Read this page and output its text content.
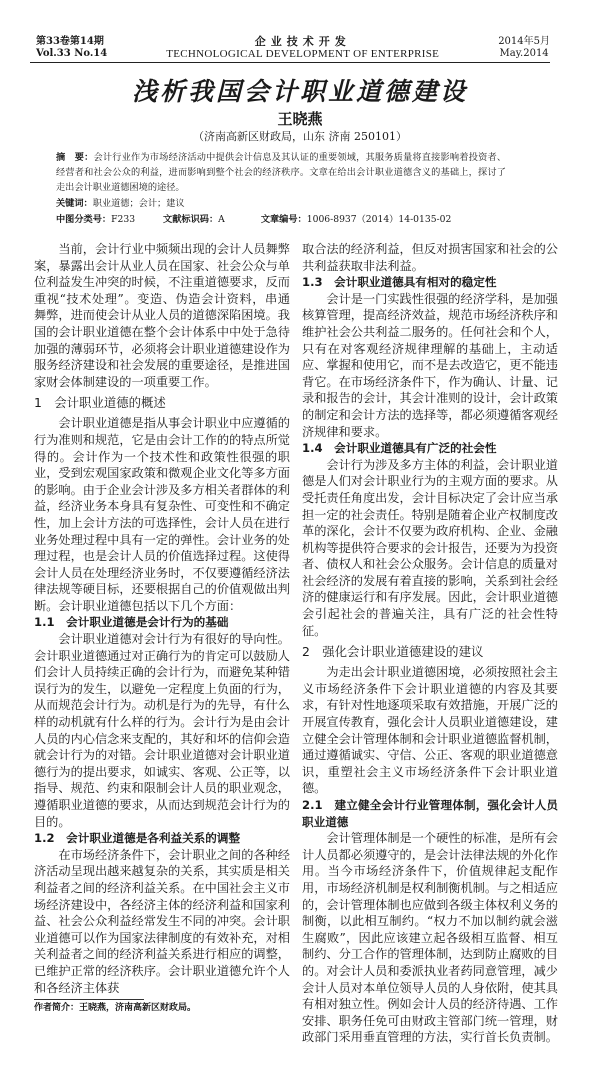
第33卷第14期
Vol.33 No.14
企业技术开发
TECHNOLOGICAL DEVELOPMENT OF ENTERPRISE
2014年5月
May.2014
浅析我国会计职业道德建设
王晓燕
（济南高新区财政局，山东 济南 250101）
摘　要：会计行业作为市场经济活动中提供会计信息及其认证的重要领域，其服务质量将直接影响着投资者、经营者和社会公众的利益，进而影响到整个社会的经济秩序。文章在给出会计职业道德含义的基础上，探讨了走出会计职业道德困境的途径。
关键词：职业道德；会计；建议
中图分类号：F233	文献标识码：A	文章编号：1006-8937（2014）14-0135-02

当前，会计行业中频频出现的会计人员舞弊案，暴露出会计从业人员在国家、社会公众与单位利益发生冲突的时候，不注重道德要求，反而重视“技术处理”。变造、伪造会计资料，串通舞弊，进而使会计从业人员的道德深陷困境。我国的会计职业道德在整个会计体系中中处于急待加强的薄弱环节，必须将会计职业道德建设作为服务经济建设和社会发展的重要途径，是推进国家财会体制建设的一项重要工作。

1　会计职业道德的概述

会计职业道德是指从事会计职业中应遵循的行为准则和规范，它是由会计工作的的特点所觉得的。会计作为一个技术性和政策性很强的职业，受到宏观国家政策和微观企业文化等多方面的影响。由于企业会计涉及多方相关者群体的利益，经济业务本身具有复杂性、可变性和不确定性，加上会计方法的可选择性，会计人员在进行业务处理过程中具有一定的弹性。会计业务的处理过程，也是会计人员的价值选择过程。这使得会计人员在处理经济业务时，不仅要遵循经济法律法规等硬目标，还要根据自己的价值观做出判断。会计职业道德包括以下几个方面：

1.1　会计职业道德是会计行为的基础

会计职业道德对会计行为有很好的导向性。会计职业道德通过对正确行为的肯定可以鼓励人们会计人员持续正确的会计行为，而避免某种错误行为的发生，以避免一定程度上负面的行为，从而规范会计行为。动机是行为的先导，有什么样的动机就有什么样的行为。会计行为是由会计人员的内心信念来支配的，其好和坏的信仰会造就会计行为的对错。会计职业道德对会计职业道德行为的提出要求，如诚实、客观、公正等，以指导、规范、约束和限制会计人员的职业观念，遵循职业道德的要求，从而达到规范会计行为的目的。

1.2　会计职业道德是各利益关系的调整

在市场经济条件下，会计职业之间的各种经济活动呈现出越来越复杂的关系，其实质是相关利益者之间的经济利益关系。在中国社会主义市场经济建设中，各经济主体的经济利益和国家利益、社会公众利益经常发生不同的冲突。会计职业道德可以作为国家法律制度的有效补充，对相关利益者之间的经济利益关系进行相应的调整，已维护正常的经济秩序。会计职业道德允许个人和各经济主体获

作者简介：王晓燕，济南高新区财政局。

取合法的经济利益，但反对损害国家和社会的公共利益获取非法利益。

1.3　会计职业道德具有相对的稳定性

会计是一门实践性很强的经济学科，是加强核算管理，提高经济效益，规范市场经济秩序和维护社会公共利益二服务的。任何社会和个人，只有在对客观经济规律理解的基础上，主动适应、掌握和使用它，而不是去改造它，更不能违背它。在市场经济条件下，作为确认、计量、记录和报告的会计，其会计准则的设计，会计政策的制定和会计方法的选择等，都必须遵循客观经济规律和要求。

1.4　会计职业道德具有广泛的社会性

会计行为涉及多方主体的利益，会计职业道德是人们对会计职业行为的主观方面的要求。从受托责任角度出发，会计目标决定了会计应当承担一定的社会责任。特别是随着企业产权制度改革的深化，会计不仅要为政府机构、企业、金融机构等提供符合要求的会计报告，还要为为投资者、债权人和社会公众服务。会计信息的质量对社会经济的发展有着直接的影响，关系到社会经济的健康运行和有序发展。因此，会计职业道德会引起社会的普遍关注，具有广泛的社会性特征。

2　强化会计职业道德建设的建议

为走出会计职业道德困境，必须按照社会主义市场经济条件下会计职业道德的内容及其要求，有针对性地逐项采取有效措施，开展广泛的开展宣传教育，强化会计人员职业道德建设，建立健全会计管理体制和会计职业道德监督机制，通过遵循诚实、守信、公正、客观的职业道德意识，重塑社会主义市场经济条件下会计职业道德。

2.1　建立健全会计行业管理体制，强化会计人员职业道德

会计管理体制是一个硬性的标准，是所有会计人员都必须遵守的，是会计法律法规的外化作用。当今市场经济条件下，价值规律起支配作用，市场经济机制是权利制衡机制。与之相适应的，会计管理体制也应做到各级主体权利义务的制衡，以此相互制约。“权力不加以制约就会滋生腐败”，因此应该建立起各级相互监督、相互制约、分工合作的管理体制，达到防止腐败的目的。对会计人员和委派执业者药同意管理，减少会计人员对本单位领导人员的人身依附，使其具有相对独立性。例如会计人员的经济待遇、工作安排、职务任免可由财政主管部门统一管理，财政部门采用垂直管理的方法，实行首长负责制。
